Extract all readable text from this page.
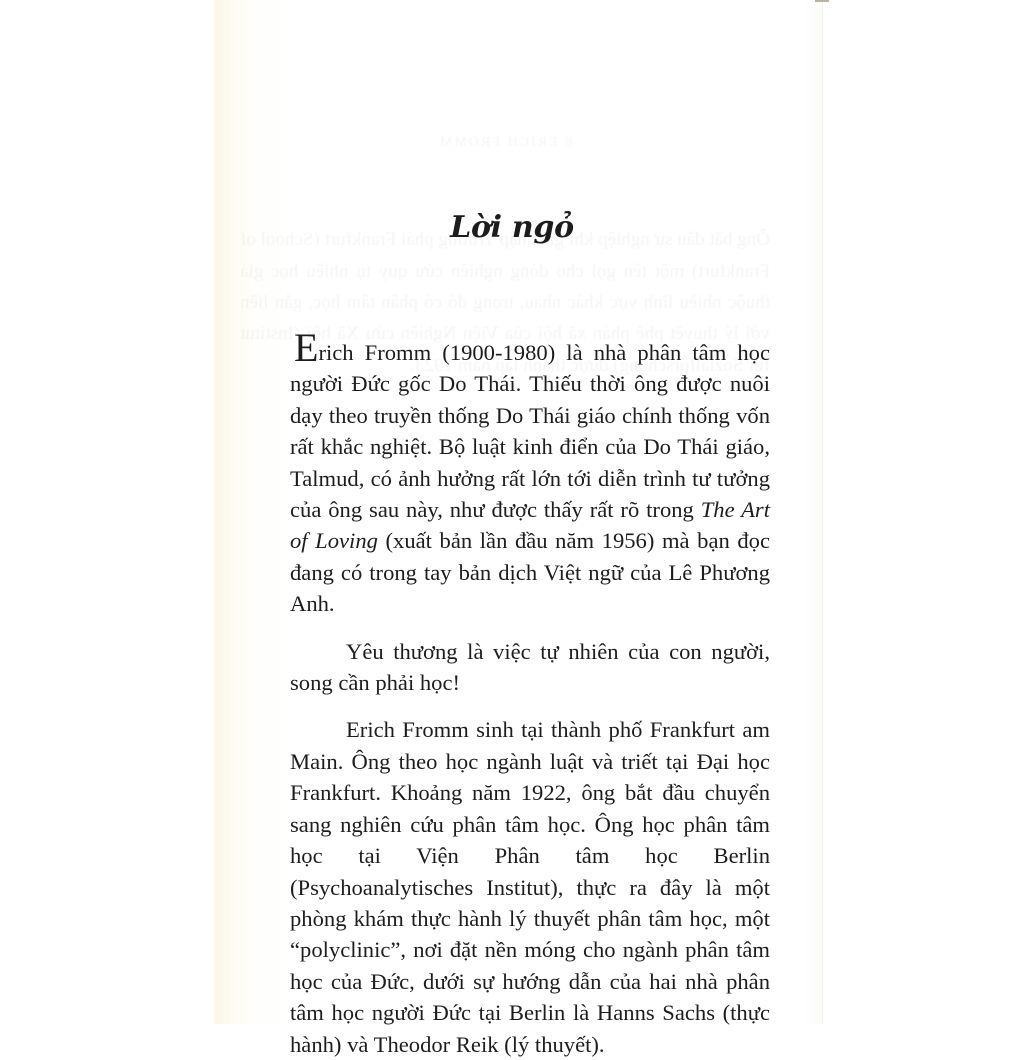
Lời ngỏ

Erich Fromm (1900-1980) là nhà phân tâm học người Đức gốc Do Thái. Thiếu thời ông được nuôi dạy theo truyền thống Do Thái giáo chính thống vốn rất khắc nghiệt. Bộ luật kinh điển của Do Thái giáo, Talmud, có ảnh hưởng rất lớn tới diễn trình tư tưởng của ông sau này, như được thấy rất rõ trong The Art of Loving (xuất bản lần đầu năm 1956) mà bạn đọc đang có trong tay bản dịch Việt ngữ của Lê Phương Anh.

Yêu thương là việc tự nhiên của con người, song cần phải học!

Erich Fromm sinh tại thành phố Frankfurt am Main. Ông theo học ngành luật và triết tại Đại học Frankfurt. Khoảng năm 1922, ông bắt đầu chuyển sang nghiên cứu phân tâm học. Ông học phân tâm học tại Viện Phân tâm học Berlin (Psychoanalytisches Institut), thực ra đây là một phòng khám thực hành lý thuyết phân tâm học, một “polyclinic”, nơi đặt nền móng cho ngành phân tâm học của Đức, dưới sự hướng dẫn của hai nhà phân tâm học người Đức tại Berlin là Hanns Sachs (thực hành) và Theodor Reik (lý thuyết).
